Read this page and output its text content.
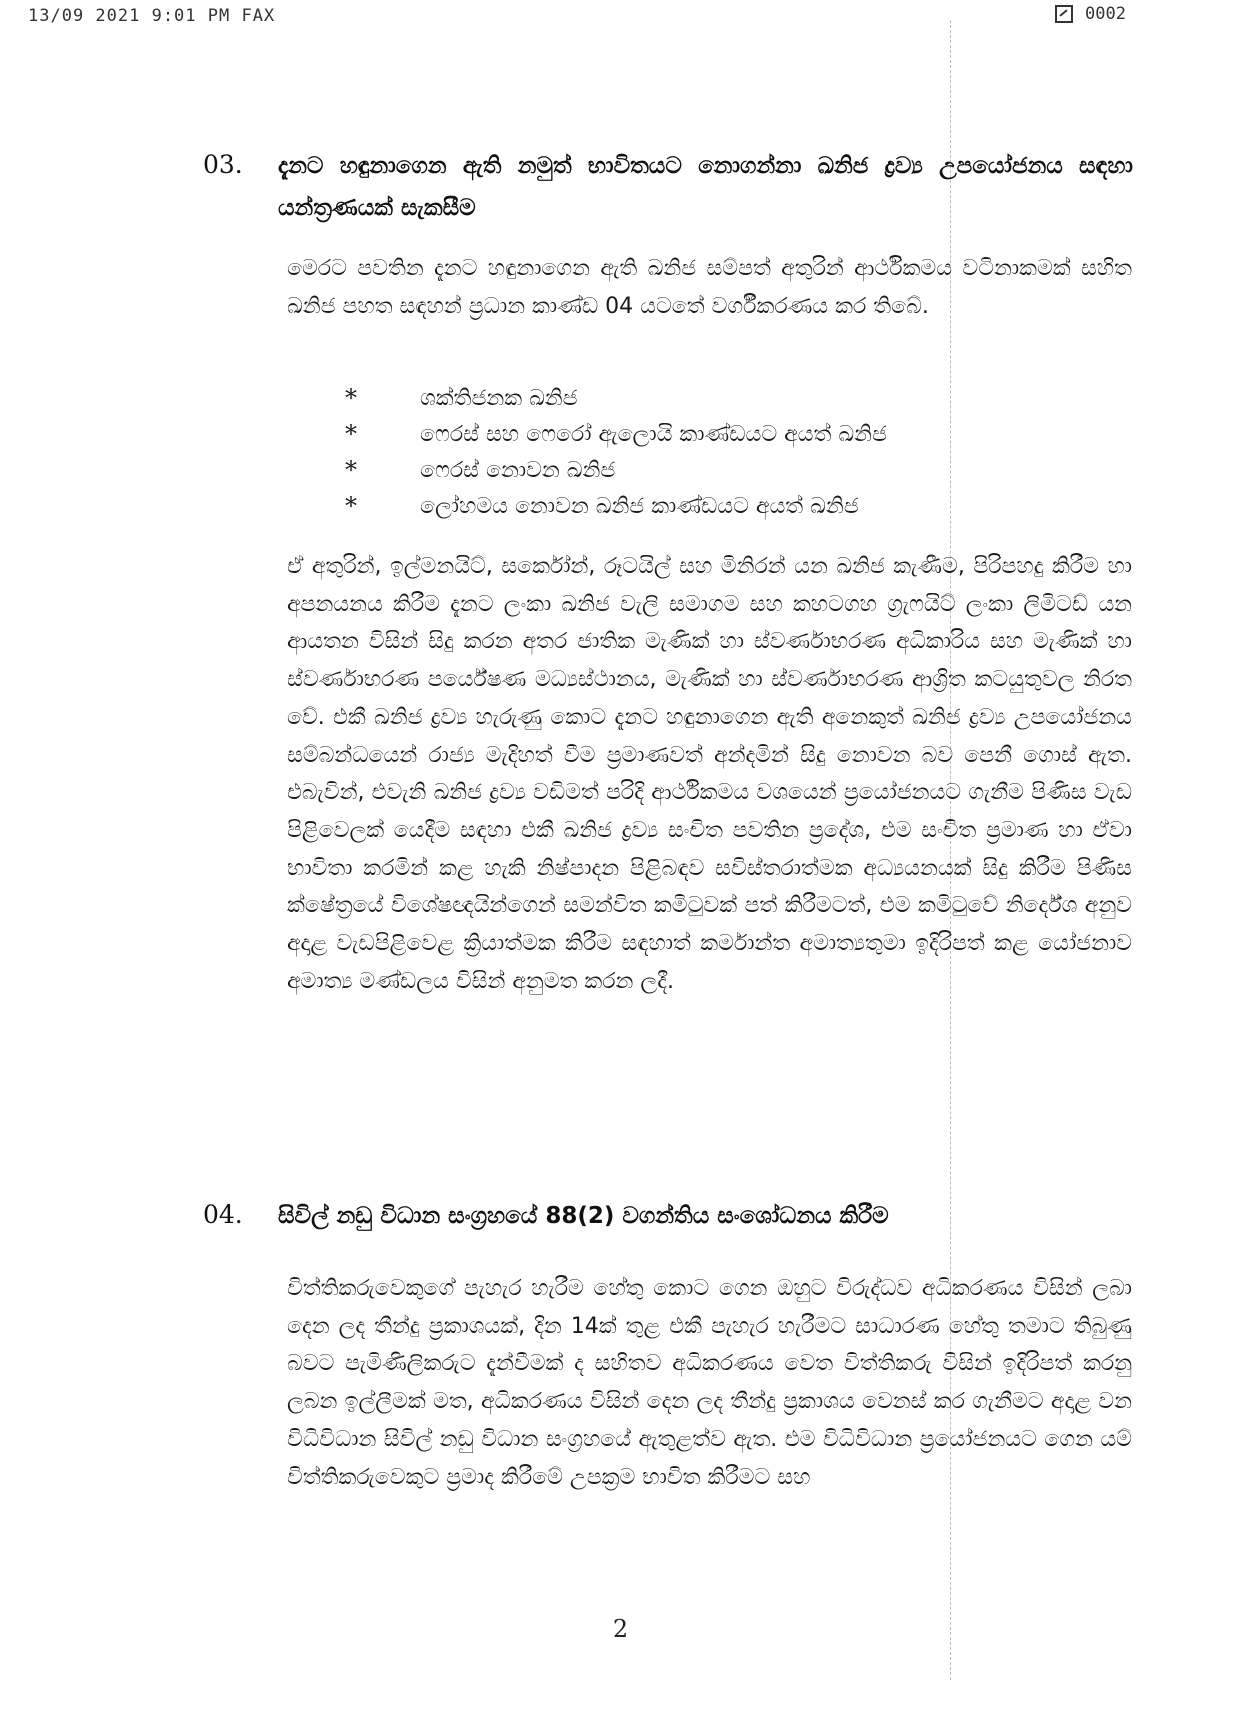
13/09 2021 9:01 PM FAX	0002
03. දැනට හඳුනාගෙන ඇති නමුත් භාවිතයට නොගන්නා ඛනිජ ද්‍රව්‍ය උපයෝජනය සඳහා යන්ත්‍රණයක් සැකසීම
මෙරට පවතින දැනට හඳුනාගෙන ඇති ඛනිජ සම්පත් අතුරින් ආර්ථිකමය වටිනාකමක් සහිත ඛනිජ පහත සඳහන් ප්‍රධාන කාණ්ඩ 04 යටතේ වර්ගීකරණය කර තිබේ.
*	ශක්තිජනක ඛනිජ
*	ෆෙරස් සහ ෆෙරෝ ඇලොයි කාණ්ඩයට අයත් ඛනිජ
*	ෆෙරස් නොවන ඛනිජ
*	ලෝහමය නොවන ඛනිජ කාණ්ඩයට අයත් ඛනිජ
ඒ අතුරින්, ඉල්මනයිට්, සර්කෝන්, රූටයිල් සහ මිනිරන් යන ඛනිජ කැණීම, පිරිපහදු කිරීම හා අපනයනය කිරීම දැනට ලංකා ඛනිජ වැලි සමාගම සහ කහටගහ ග්‍රැෆයිට් ලංකා ලිමිටඩ් යන ආයතන විසින් සිදු කරන අතර ජාතික මැණික් හා ස්වර්ණාභරණ අධිකාරිය සහ මැණික් හා ස්වර්ණාභරණ පර්යේෂණ මධ්‍යස්ථානය, මැණික් හා ස්වර්ණාභරණ ආශ්‍රිත කටයුතුවල නිරත වේ. එකී ඛනිජ ද්‍රව්‍ය හැරුණු කොට දැනට හඳුනාගෙන ඇති අනෙකුත් ඛනිජ ද්‍රව්‍ය උපයෝජනය සම්බන්ධයෙන් රාජ්‍ය මැදිහත් වීම ප්‍රමාණවත් අන්දමින් සිදු නොවන බව පෙනී ගොස් ඇත. එබැවින්, එවැනි ඛනිජ ද්‍රව්‍ය වඩිමත් පරිදි ආර්ථිකමය වශයෙන් ප්‍රයෝජනයට ගැනීම පිණිස වැඩ පිළිවෙලක් යෙදීම සඳහා එකී ඛනිජ ද්‍රව්‍ය සංචිත පවතින ප්‍රදේශ, එම සංචිත ප්‍රමාණ හා ඒවා භාවිතා කරමින් කළ හැකි නිෂ්පාදන පිළිබඳව සවිස්තරාත්මක අධ්‍යයනයක් සිදු කිරීම පිණිස ක්ෂේත්‍රයේ විශේෂඥයින්ගෙන් සමන්විත කමිටුවක් පත් කිරීමටත්, එම කමිටුවේ නිර්දේශ අනුව අදාළ වැඩපිළිවෙළ ක්‍රියාත්මක කිරීම සඳහාත් කර්මාන්ත අමාත්‍යතුමා ඉදිරිපත් කළ යෝජනාව අමාත්‍ය මණ්ඩලය විසින් අනුමත කරන ලදී.
04. සිවිල් නඩු විධාන සංග්‍රහයේ 88(2) වගන්තිය සංශෝධනය කිරීම
විත්තිකරුවෙකුගේ පැහැර හැරීම හේතු කොට ගෙන ඔහුට විරුද්ධව අධිකරණය විසින් ලබා දෙන ලද තීන්දු ප්‍රකාශයක්, දින 14ක් තුළ එකී පැහැර හැරීමට සාධාරණ හේතු තමාට තිබුණු බවට පැමිණිලිකරුට දැන්වීමක් ද සහිතව අධිකරණය වෙත විත්තිකරු විසින් ඉදිරිපත් කරනු ලබන ඉල්ලීමක් මත, අධිකරණය විසින් දෙන ලද තීන්දු ප්‍රකාශය වෙනස් කර ගැනීමට අදාළ වන විධිවිධාන සිවිල් නඩු විධාන සංග්‍රහයේ ඇතුළත්ව ඇත. එම විධිවිධාන ප්‍රයෝජනයට ගෙන යම් විත්තිකරුවෙකුට ප්‍රමාද කිරීමේ උපක්‍රම භාවිත කිරීමට සහ
2
